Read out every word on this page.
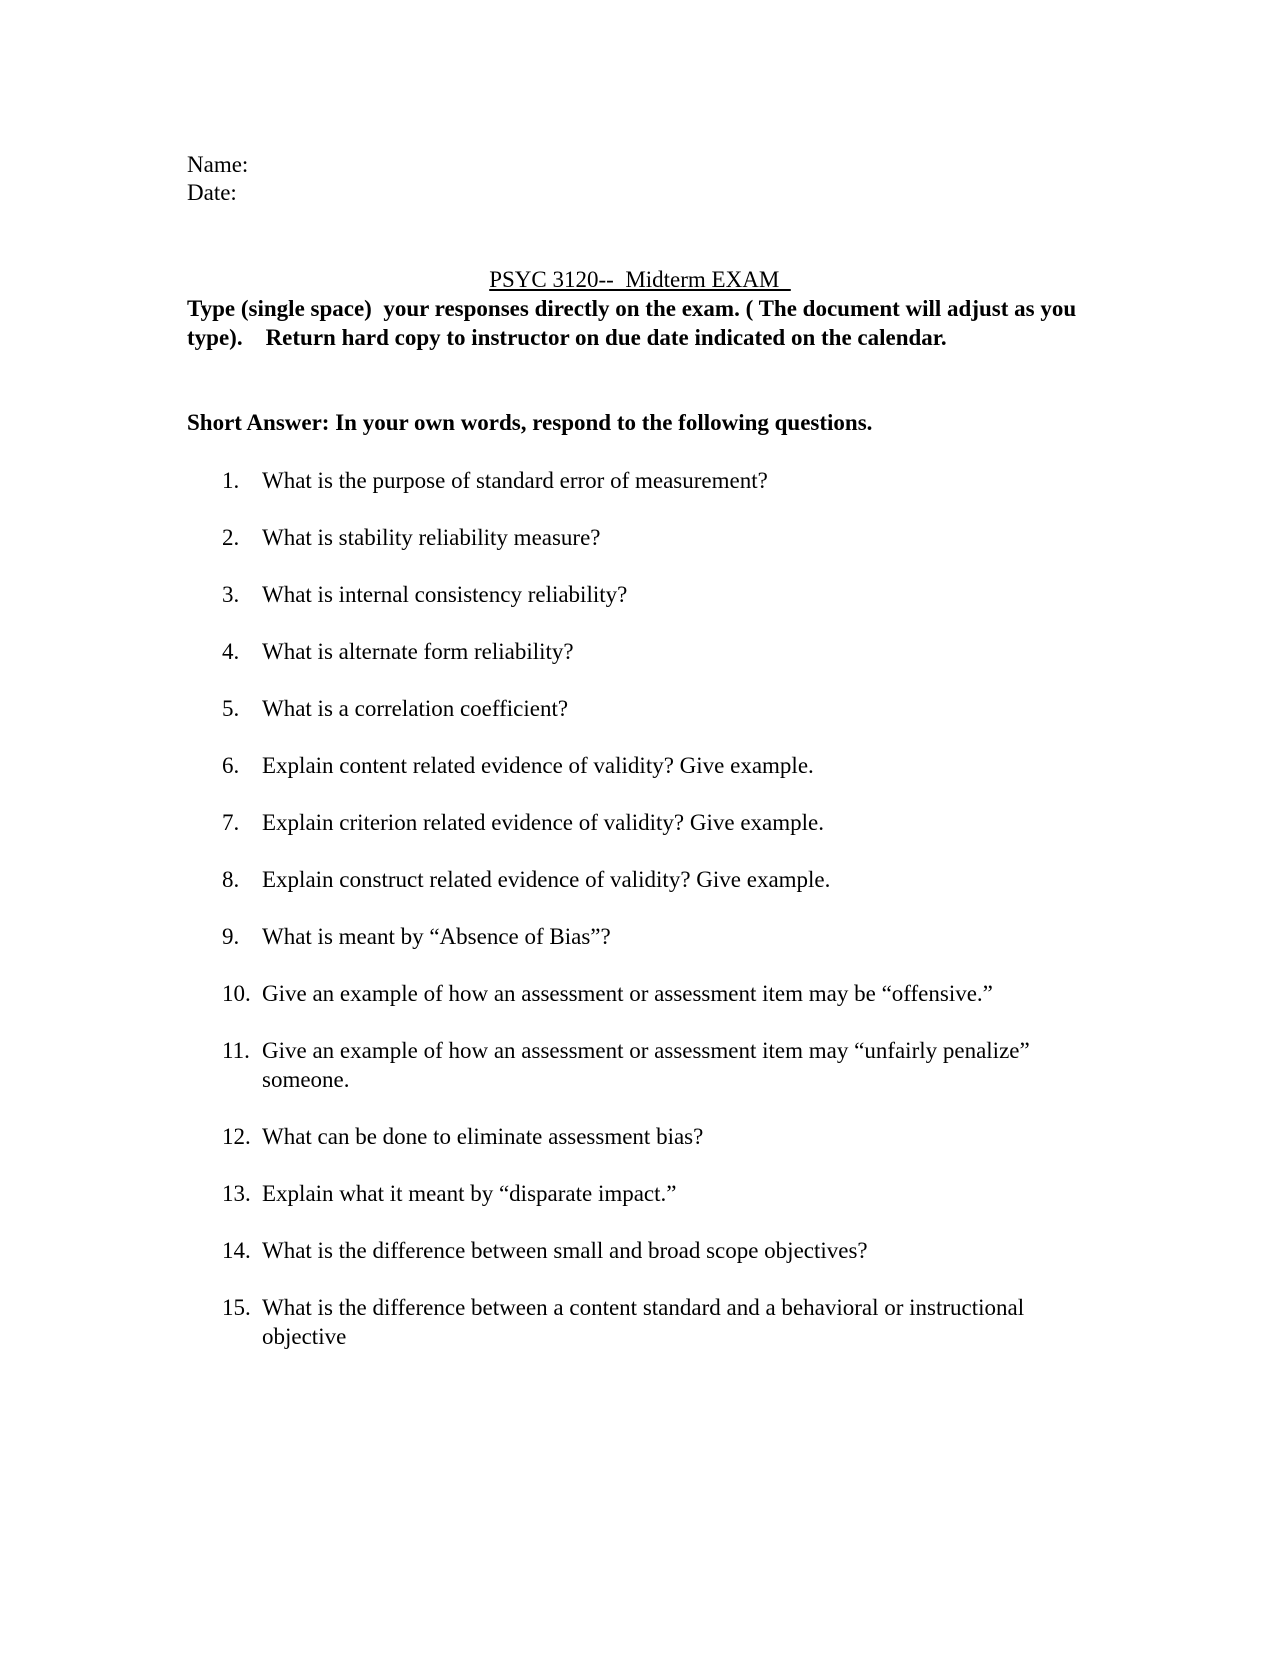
Name:
Date:
PSYC 3120--  Midterm EXAM
Type (single space)  your responses directly on the exam. ( The document will adjust as you type).    Return hard copy to instructor on due date indicated on the calendar.
Short Answer: In your own words, respond to the following questions.
1. What is the purpose of standard error of measurement?
2. What is stability reliability measure?
3. What is internal consistency reliability?
4. What is alternate form reliability?
5. What is a correlation coefficient?
6. Explain content related evidence of validity? Give example.
7. Explain criterion related evidence of validity? Give example.
8. Explain construct related evidence of validity? Give example.
9. What is meant by “Absence of Bias”?
10. Give an example of how an assessment or assessment item may be “offensive.”
11. Give an example of how an assessment or assessment item may “unfairly penalize” someone.
12. What can be done to eliminate assessment bias?
13. Explain what it meant by “disparate impact.”
14. What is the difference between small and broad scope objectives?
15. What is the difference between a content standard and a behavioral or instructional objective
